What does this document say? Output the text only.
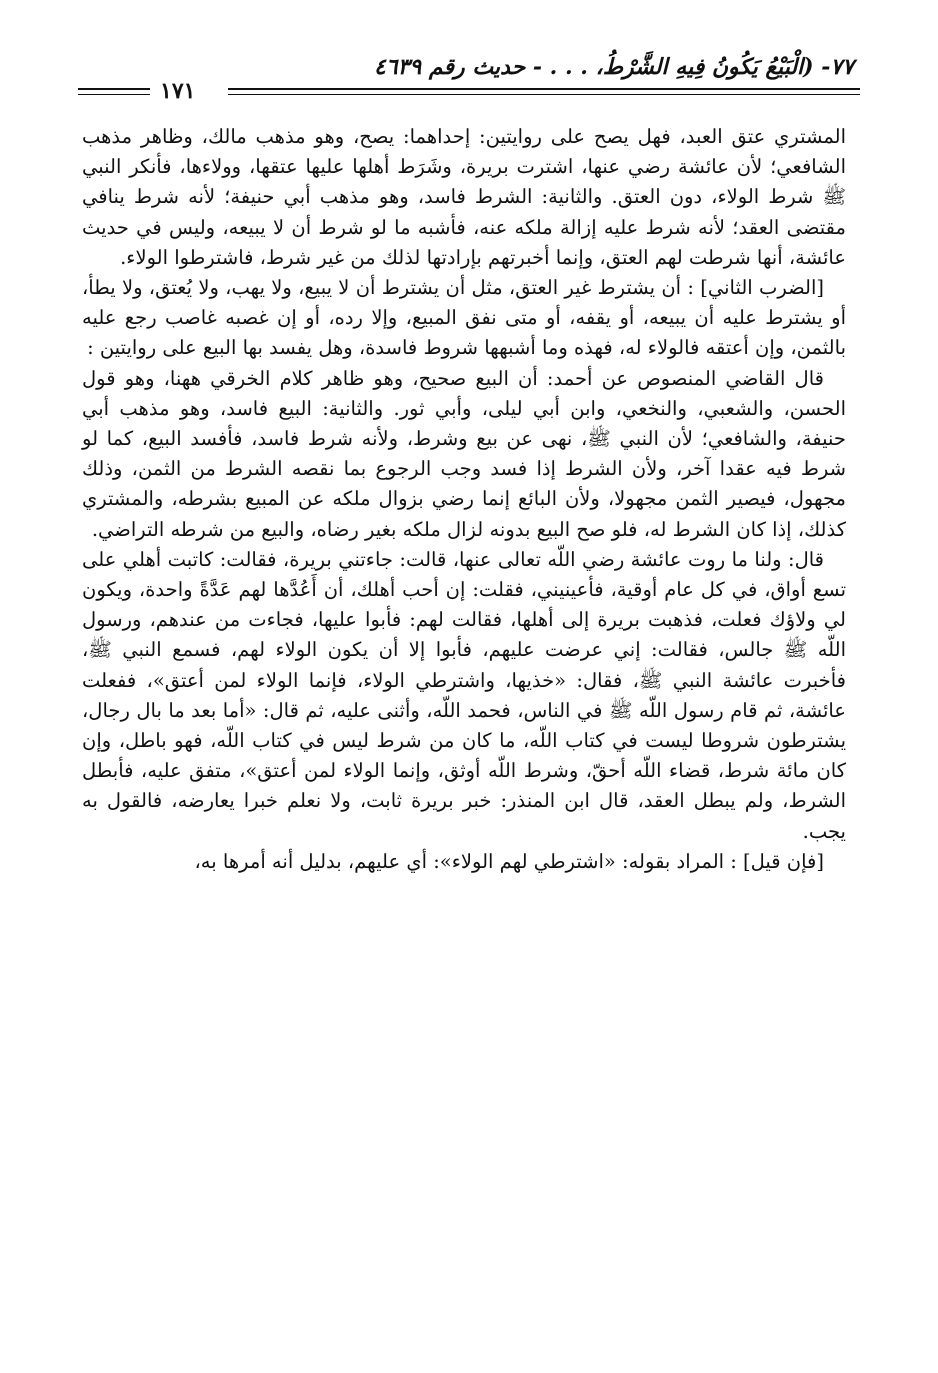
٧٧- (الْبَيْعُ يَكُونُ فِيهِ الشَّرْطُ، . . . - حديث رقم ٤٦٣٩
١٧١

المشتري عتق العبد، فهل يصح على روايتين: إحداهما: يصح، وهو مذهب مالك، وظاهر مذهب الشافعي؛ لأن عائشة رضي عنها، اشترت بريرة، وشَرَط أهلها عليها عتقها، وولاءها، فأنكر النبي ﷺ شرط الولاء، دون العتق. والثانية: الشرط فاسد، وهو مذهب أبي حنيفة؛ لأنه شرط ينافي مقتضى العقد؛ لأنه شرط عليه إزالة ملكه عنه، فأشبه ما لو شرط أن لا يبيعه، وليس في حديث عائشة، أنها شرطت لهم العتق، وإنما أخبرتهم بإرادتها لذلك من غير شرط، فاشترطوا الولاء.

[الضرب الثاني] : أن يشترط غير العتق، مثل أن يشترط أن لا يبيع، ولا يهب، ولا يُعتق، ولا يطأ، أو يشترط عليه أن يبيعه، أو يقفه، أو متى نفق المبيع، وإلا رده، أو إن غصبه غاصب رجع عليه بالثمن، وإن أعتقه فالولاء له، فهذه وما أشبهها شروط فاسدة، وهل يفسد بها البيع على روايتين :

قال القاضي المنصوص عن أحمد: أن البيع صحيح، وهو ظاهر كلام الخرقي ههنا، وهو قول الحسن، والشعبي، والنخعي، وابن أبي ليلى، وأبي ثور. والثانية: البيع فاسد، وهو مذهب أبي حنيفة، والشافعي؛ لأن النبي ﷺ، نهى عن بيع وشرط، ولأنه شرط فاسد، فأفسد البيع، كما لو شرط فيه عقدا آخر، ولأن الشرط إذا فسد وجب الرجوع بما نقصه الشرط من الثمن، وذلك مجهول، فيصير الثمن مجهولا، ولأن البائع إنما رضي بزوال ملكه عن المبيع بشرطه، والمشتري كذلك، إذا كان الشرط له، فلو صح البيع بدونه لزال ملكه بغير رضاه، والبيع من شرطه التراضي.

قال: ولنا ما روت عائشة رضي اللّه تعالى عنها، قالت: جاءتني بريرة، فقالت: كاتبت أهلي على تسع أواق، في كل عام أوقية، فأعينيني، فقلت: إن أحب أهلك، أن أَعُدَّها لهم عَدَّةً واحدة، ويكون لي ولاؤك فعلت، فذهبت بريرة إلى أهلها، فقالت لهم: فأبوا عليها، فجاءت من عندهم، ورسول اللّه ﷺ جالس، فقالت: إني عرضت عليهم، فأبوا إلا أن يكون الولاء لهم، فسمع النبي ﷺ، فأخبرت عائشة النبي ﷺ، فقال: «خذيها، واشترطي الولاء، فإنما الولاء لمن أعتق»، ففعلت عائشة، ثم قام رسول اللّه ﷺ في الناس، فحمد اللّه، وأثنى عليه، ثم قال: «أما بعد ما بال رجال، يشترطون شروطا ليست في كتاب اللّه، ما كان من شرط ليس في كتاب اللّه، فهو باطل، وإن كان مائة شرط، قضاء اللّه أحقّ، وشرط اللّه أوثق، وإنما الولاء لمن أعتق»، متفق عليه، فأبطل الشرط، ولم يبطل العقد، قال ابن المنذر: خبر بريرة ثابت، ولا نعلم خبرا يعارضه، فالقول به يجب.

[فإن قيل] : المراد بقوله: «اشترطي لهم الولاء»: أي عليهم، بدليل أنه أمرها به،
